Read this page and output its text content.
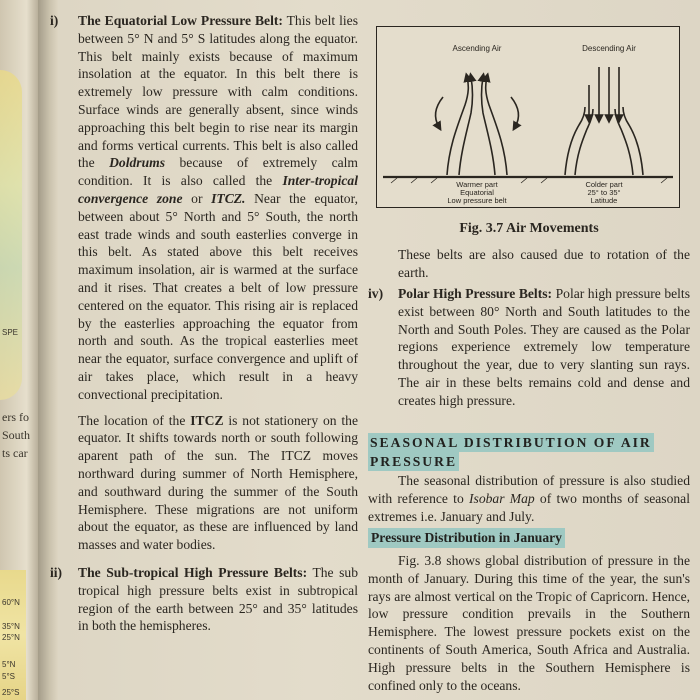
ers fo
South
ts car
SPE
60°N
35°N
25°N
5°N
5°S
25°S
i) The Equatorial Low Pressure Belt: This belt lies between 5° N and 5° S latitudes along the equator. This belt mainly exists because of maximum insolation at the equator. In this belt there is extremely low pressure with calm conditions. Surface winds are generally absent, since winds approaching this belt begin to rise near its margin and forms vertical currents. This belt is also called the Doldrums because of extremely calm condition. It is also called the Inter-tropical convergence zone or ITCZ. Near the equator, between about 5° North and 5° South, the north east trade winds and south easterlies converge in this belt. As stated above this belt receives maximum insolation, air is warmed at the surface and it rises. That creates a belt of low pressure centered on the equator. This rising air is replaced by the easterlies approaching the equator from north and south. As the tropical easterlies meet near the equator, surface convergence and uplift of air takes place, which result in a heavy convectional precipitation.

The location of the ITCZ is not stationery on the equator. It shifts towards north or south following aparent path of the sun. The ITCZ moves northward during summer of North Hemisphere, and southward during the summer of the South Hemisphere. These migrations are not uniform about the equator, as these are influenced by land masses and water bodies.

ii) The Sub-tropical High Pressure Belts: The sub tropical high pressure belts exist in subtropical region of the earth between 25° and 35° latitudes in both the hemispheres.

Ascending Air	Descending Air
Warmer part
Equatorial
Low pressure belt
Colder part
25° to 35°
Latitude
Fig. 3.7 Air Movements
These belts are also caused due to rotation of the earth.
iv) Polar High Pressure Belts: Polar high pressure belts exist between 80° North and South latitudes to the North and South Poles. They are caused as the Polar regions experience extremely low temperature throughout the year, due to very slanting sun rays. The air in these belts remains cold and dense and creates high pressure.

SEASONAL DISTRIBUTION OF AIR
PRESSURE

The seasonal distribution of pressure is also studied with reference to Isobar Map of two months of seasonal extremes i.e. January and July.

Pressure Distribution in January

Fig. 3.8 shows global distribution of pressure in the month of January. During this time of the year, the sun's rays are almost vertical on the Tropic of Capricorn. Hence, low pressure condition prevails in the Southern Hemisphere. The lowest pressure pockets exist on the continents of South America, South Africa and Australia. High pressure belts in the Southern Hemisphere is confined only to the oceans.
